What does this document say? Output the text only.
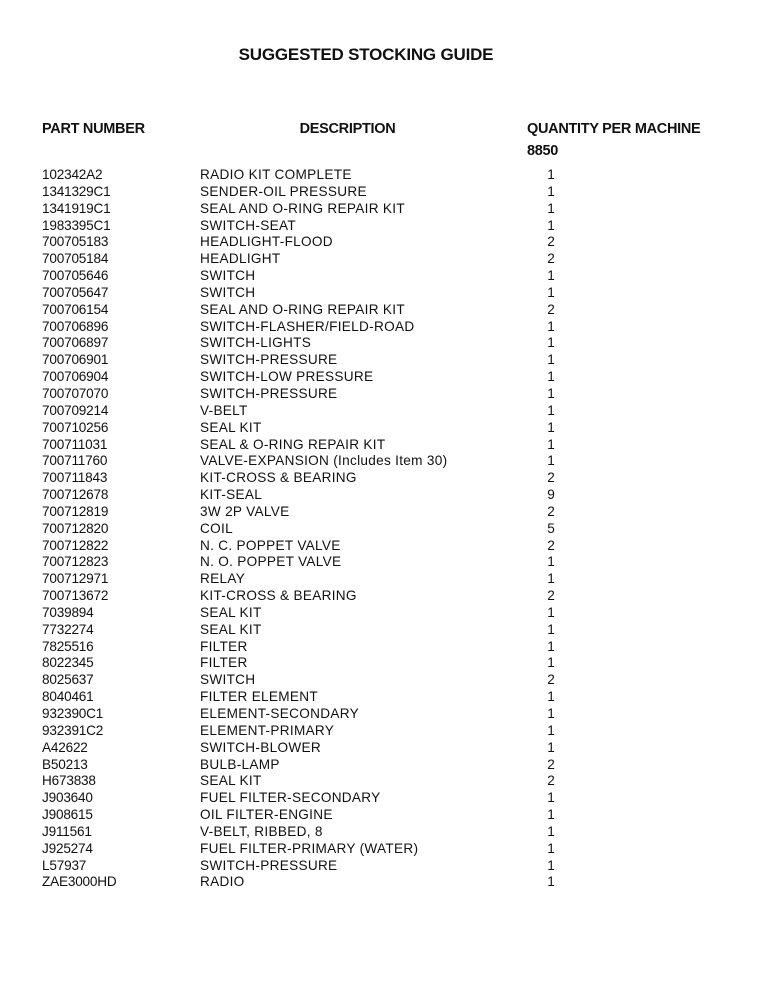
SUGGESTED STOCKING GUIDE
PART NUMBER	DESCRIPTION	QUANTITY PER MACHINE
8850
102342A2	RADIO KIT COMPLETE	1
1341329C1	SENDER-OIL PRESSURE	1
1341919C1	SEAL AND O-RING REPAIR KIT	1
1983395C1	SWITCH-SEAT	1
700705183	HEADLIGHT-FLOOD	2
700705184	HEADLIGHT	2
700705646	SWITCH	1
700705647	SWITCH	1
700706154	SEAL AND O-RING REPAIR KIT	2
700706896	SWITCH-FLASHER/FIELD-ROAD	1
700706897	SWITCH-LIGHTS	1
700706901	SWITCH-PRESSURE	1
700706904	SWITCH-LOW PRESSURE	1
700707070	SWITCH-PRESSURE	1
700709214	V-BELT	1
700710256	SEAL KIT	1
700711031	SEAL & O-RING REPAIR KIT	1
700711760	VALVE-EXPANSION (Includes Item 30)	1
700711843	KIT-CROSS & BEARING	2
700712678	KIT-SEAL	9
700712819	3W 2P VALVE	2
700712820	COIL	5
700712822	N. C. POPPET VALVE	2
700712823	N. O. POPPET VALVE	1
700712971	RELAY	1
700713672	KIT-CROSS & BEARING	2
7039894	SEAL KIT	1
7732274	SEAL KIT	1
7825516	FILTER	1
8022345	FILTER	1
8025637	SWITCH	2
8040461	FILTER ELEMENT	1
932390C1	ELEMENT-SECONDARY	1
932391C2	ELEMENT-PRIMARY	1
A42622	SWITCH-BLOWER	1
B50213	BULB-LAMP	2
H673838	SEAL KIT	2
J903640	FUEL FILTER-SECONDARY	1
J908615	OIL FILTER-ENGINE	1
J911561	V-BELT, RIBBED, 8	1
J925274	FUEL FILTER-PRIMARY (WATER)	1
L57937	SWITCH-PRESSURE	1
ZAE3000HD	RADIO	1
